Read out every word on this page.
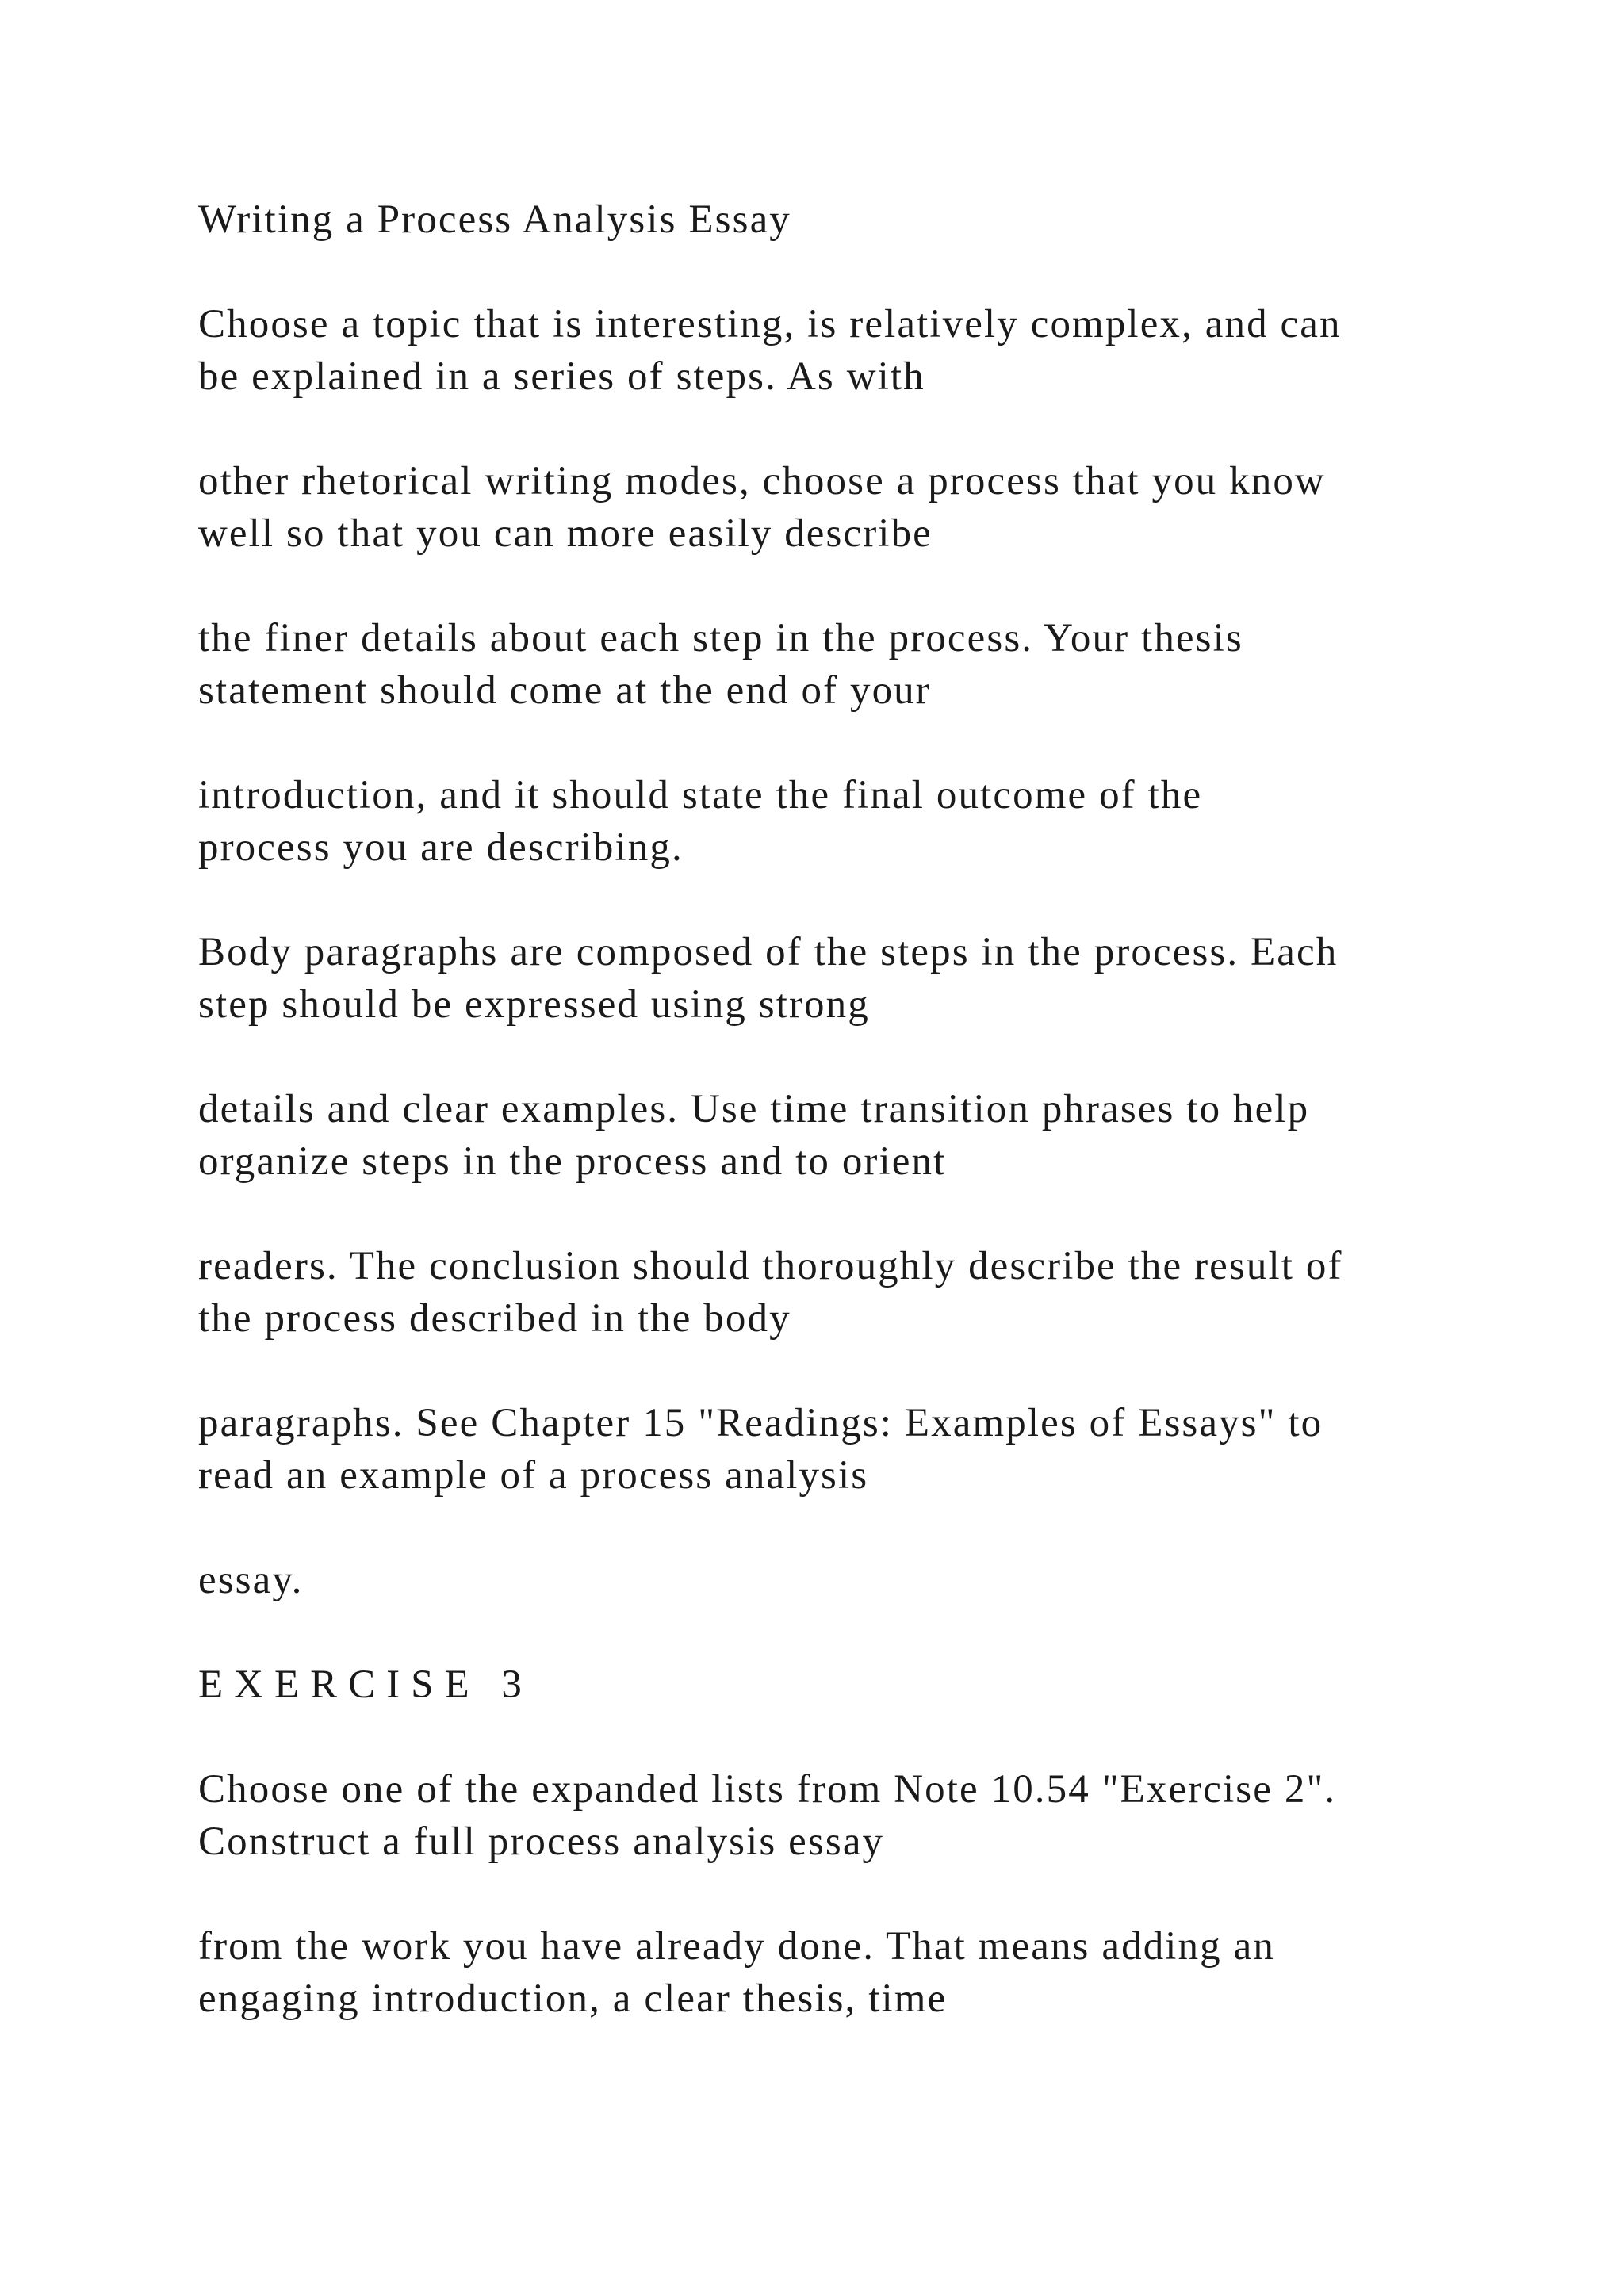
Writing a Process Analysis Essay
Choose a topic that is interesting, is relatively complex, and can
be explained in a series of steps. As with
other rhetorical writing modes, choose a process that you know
well so that you can more easily describe
the finer details about each step in the process. Your thesis
statement should come at the end of your
introduction, and it should state the final outcome of the
process you are describing.
Body paragraphs are composed of the steps in the process. Each
step should be expressed using strong
details and clear examples. Use time transition phrases to help
organize steps in the process and to orient
readers. The conclusion should thoroughly describe the result of
the process described in the body
paragraphs. See Chapter 15 "Readings: Examples of Essays" to
read an example of a process analysis
essay.
EXERCISE 3
Choose one of the expanded lists from Note 10.54 "Exercise 2".
Construct a full process analysis essay
from the work you have already done. That means adding an
engaging introduction, a clear thesis, time
